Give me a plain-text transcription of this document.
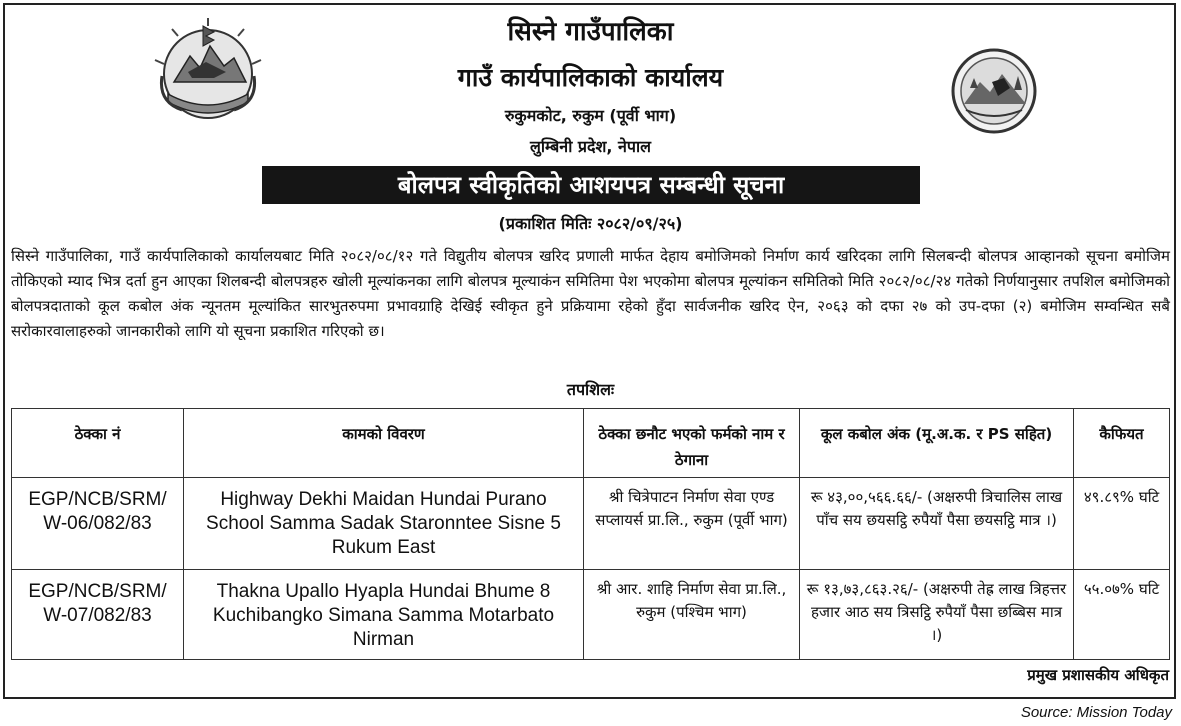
सिस्ने गाउँपालिका
गाउँ कार्यपालिकाको कार्यालय
रुकुमकोट, रुकुम (पूर्वी भाग)
लुम्बिनी प्रदेश, नेपाल
बोलपत्र स्वीकृतिको आशयपत्र सम्बन्धी सूचना
(प्रकाशित मितिः २०८२/०९/२५)

सिस्ने गाउँपालिका, गाउँ कार्यपालिकाको कार्यालयबाट मिति २०८२/०८/१२ गते विद्युतीय बोलपत्र खरिद प्रणाली मार्फत देहाय बमोजिमको निर्माण कार्य खरिदका लागि सिलबन्दी बोलपत्र आव्हानको सूचना बमोजिम तोकिएको म्याद भित्र दर्ता हुन आएका शिलबन्दी बोलपत्रहरु खोली मूल्यांकनका लागि बोलपत्र मूल्याकंन समितिमा पेश भएकोमा बोलपत्र मूल्यांकन समितिको मिति २०८२/०८/२४ गतेको निर्णयानुसार तपशिल बमोजिमको बोलपत्रदाताको कूल कबोल अंक न्यूनतम मूल्यांकित सारभुतरुपमा प्रभावग्राहि देखिई स्वीकृत हुने प्रक्रियामा रहेको हुँदा सार्वजनीक खरिद ऐन, २०६३ को दफा २७ को उप-दफा (२) बमोजिम सम्वन्धित सबै सरोकारवालाहरुको जानकारीको लागि यो सूचना प्रकाशित गरिएको छ।

तपशिलः
ठेक्का नं	कामको विवरण	ठेक्का छनौट भएको फर्मको नाम र ठेगाना	कूल कबोल अंक (मू.अ.क. र PS सहित)	कैफियत
EGP/NCB/SRM/ W-06/082/83	Highway Dekhi Maidan Hundai Purano School Samma Sadak Staronntee Sisne 5 Rukum East	श्री चित्रेपाटन निर्माण सेवा एण्ड सप्लायर्स प्रा.लि., रुकुम (पूर्वी भाग)	रू ४३,००,५६६.६६/- (अक्षरुपी त्रिचालिस लाख पाँच सय छयसट्ठि रुपैयाँ पैसा छयसट्ठि मात्र ।)	४९.८९% घटि
EGP/NCB/SRM/ W-07/082/83	Thakna Upallo Hyapla Hundai Bhume 8 Kuchibangko Simana Samma Motarbato Nirman	श्री आर. शाहि निर्माण सेवा प्रा.लि., रुकुम (पश्चिम भाग)	रू १३,७३,८६३.२६/- (अक्षरुपी तेह्र लाख त्रिहत्तर हजार आठ सय त्रिसट्ठि रुपैयाँ पैसा छब्बिस मात्र ।)	५५.०७% घटि
प्रमुख प्रशासकीय अधिकृत
Source: Mission Today
